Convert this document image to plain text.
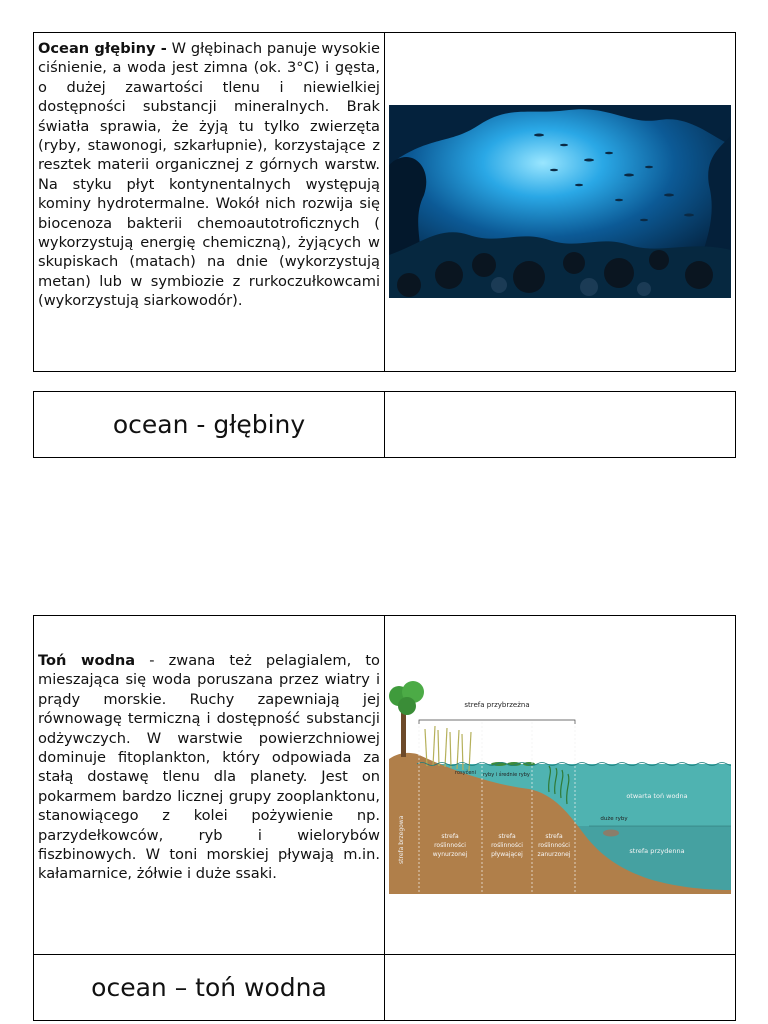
Ocean głębiny - W głębinach panuje wysokie ciśnienie, a woda jest zimna (ok. 3°C) i gęsta, o dużej zawartości tlenu i niewielkiej dostępności substancji mineralnych. Brak światła sprawia, że żyją tu tylko zwierzęta (ryby, stawonogi, szkarłupnie), korzystające z resztek materii organicznej z górnych warstw. Na styku płyt kontynentalnych występują kominy hydrotermalne. Wokół nich rozwija się biocenoza bakterii chemoautotroficznych ( wykorzystują energię chemiczną), żyjących w skupiskach (matach) na dnie (wykorzystują metan) lub w symbiozie z rurkoczułkowcami (wykorzystują siarkowodór).
ocean - głębiny
Toń wodna - zwana też pelagialem, to mieszająca się woda poruszana przez wiatry i prądy morskie. Ruchy zapewniają jej równowagę termiczną i dostępność substancji odżywczych. W warstwie powierzchniowej dominuje fitoplankton, który odpowiada za stałą dostawę tlenu dla planety. Jest on pokarmem bardzo licznej grupy zooplanktonu, stanowiącego z kolei pożywienie np. parzydełkowców, ryb i wielorybów fiszbinowych. W toni morskiej pływają m.in. kałamarnice, żółwie i duże ssaki.
strefa przybrzeżna
strefa brzegowa
rosyčeni ryby i średnie ryby
otwarta toń wodna
duże ryby
strefa przydenna
strefa
roślinności
wynurzonej
strefa
roślinności
pływającej
strefa
roślinności
zanurzonej
ocean – toń wodna
